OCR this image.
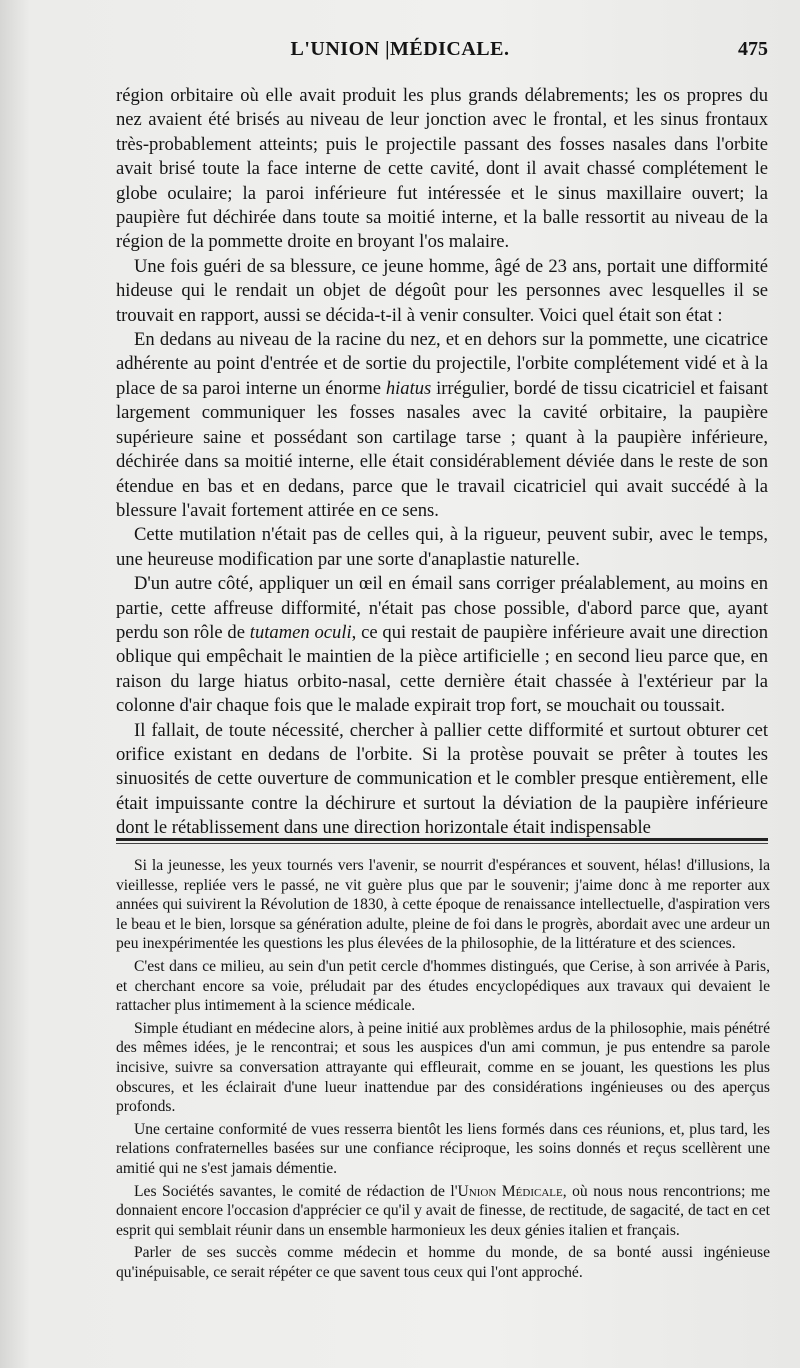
L'UNION |MÉDICALE.	475

région orbitaire où elle avait produit les plus grands délabrements; les os propres du nez avaient été brisés au niveau de leur jonction avec le frontal, et les sinus frontaux très-probablement atteints; puis le projectile passant des fosses nasales dans l'orbite avait brisé toute la face interne de cette cavité, dont il avait chassé complétement le globe oculaire; la paroi inférieure fut intéressée et le sinus maxillaire ouvert; la paupière fut déchirée dans toute sa moitié interne, et la balle ressortit au niveau de la région de la pommette droite en broyant l'os malaire.

Une fois guéri de sa blessure, ce jeune homme, âgé de 23 ans, portait une difformité hideuse qui le rendait un objet de dégoût pour les personnes avec lesquelles il se trouvait en rapport, aussi se décida-t-il à venir consulter. Voici quel était son état :

En dedans au niveau de la racine du nez, et en dehors sur la pommette, une cicatrice adhérente au point d'entrée et de sortie du projectile, l'orbite complétement vidé et à la place de sa paroi interne un énorme hiatus irrégulier, bordé de tissu cicatriciel et faisant largement communiquer les fosses nasales avec la cavité orbitaire, la paupière supérieure saine et possédant son cartilage tarse ; quant à la paupière inférieure, déchirée dans sa moitié interne, elle était considérablement déviée dans le reste de son étendue en bas et en dedans, parce que le travail cicatriciel qui avait succédé à la blessure l'avait fortement attirée en ce sens.

Cette mutilation n'était pas de celles qui, à la rigueur, peuvent subir, avec le temps, une heureuse modification par une sorte d'anaplastie naturelle.

D'un autre côté, appliquer un œil en émail sans corriger préalablement, au moins en partie, cette affreuse difformité, n'était pas chose possible, d'abord parce que, ayant perdu son rôle de tutamen oculi, ce qui restait de paupière inférieure avait une direction oblique qui empêchait le maintien de la pièce artificielle ; en second lieu parce que, en raison du large hiatus orbito-nasal, cette dernière était chassée à l'extérieur par la colonne d'air chaque fois que le malade expirait trop fort, se mouchait ou toussait.

Il fallait, de toute nécessité, chercher à pallier cette difformité et surtout obturer cet orifice existant en dedans de l'orbite. Si la protèse pouvait se prêter à toutes les sinuosités de cette ouverture de communication et le combler presque entièrement, elle était impuissante contre la déchirure et surtout la déviation de la paupière inférieure dont le rétablissement dans une direction horizontale était indispensable

Si la jeunesse, les yeux tournés vers l'avenir, se nourrit d'espérances et souvent, hélas! d'illusions, la vieillesse, repliée vers le passé, ne vit guère plus que par le souvenir; j'aime donc à me reporter aux années qui suivirent la Révolution de 1830, à cette époque de renaissance intellectuelle, d'aspiration vers le beau et le bien, lorsque sa génération adulte, pleine de foi dans le progrès, abordait avec une ardeur un peu inexpérimentée les questions les plus élevées de la philosophie, de la littérature et des sciences.

C'est dans ce milieu, au sein d'un petit cercle d'hommes distingués, que Cerise, à son arrivée à Paris, et cherchant encore sa voie, préludait par des études encyclopédiques aux travaux qui devaient le rattacher plus intimement à la science médicale.

Simple étudiant en médecine alors, à peine initié aux problèmes ardus de la philosophie, mais pénétré des mêmes idées, je le rencontrai; et sous les auspices d'un ami commun, je pus entendre sa parole incisive, suivre sa conversation attrayante qui effleurait, comme en se jouant, les questions les plus obscures, et les éclairait d'une lueur inattendue par des considérations ingénieuses ou des aperçus profonds.

Une certaine conformité de vues resserra bientôt les liens formés dans ces réunions, et, plus tard, les relations confraternelles basées sur une confiance réciproque, les soins donnés et reçus scellèrent une amitié qui ne s'est jamais démentie.

Les Sociétés savantes, le comité de rédaction de l'Union Médicale, où nous nous rencontrions; me donnaient encore l'occasion d'apprécier ce qu'il y avait de finesse, de rectitude, de sagacité, de tact en cet esprit qui semblait réunir dans un ensemble harmonieux les deux génies italien et français.

Parler de ses succès comme médecin et homme du monde, de sa bonté aussi ingénieuse qu'inépuisable, ce serait répéter ce que savent tous ceux qui l'ont approché.
